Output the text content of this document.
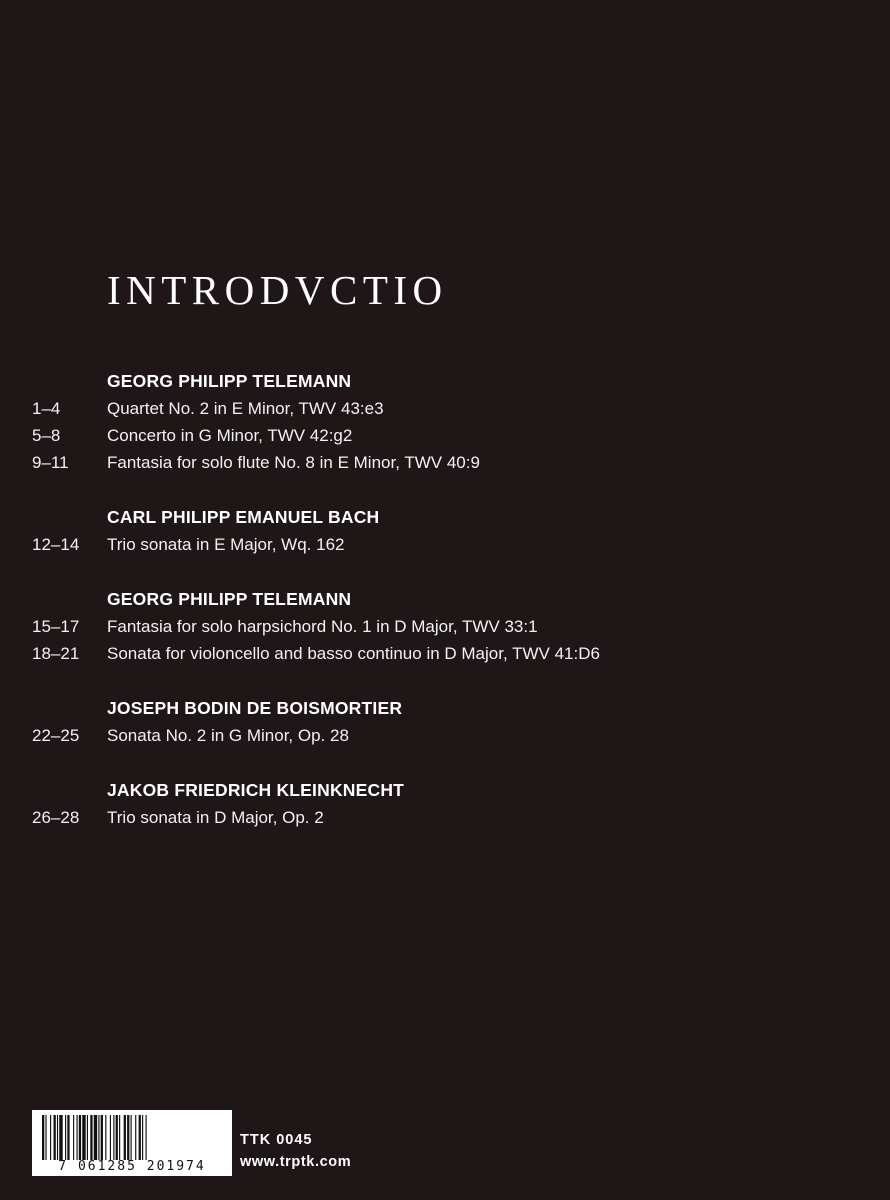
INTRODVCTIO
GEORG PHILIPP TELEMANN
1–4	Quartet No. 2 in E Minor, TWV 43:e3
5–8	Concerto in G Minor, TWV 42:g2
9–11	Fantasia for solo flute No. 8 in E Minor, TWV 40:9
CARL PHILIPP EMANUEL BACH
12–14	Trio sonata in E Major, Wq. 162
GEORG PHILIPP TELEMANN
15–17	Fantasia for solo harpsichord No. 1 in D Major, TWV 33:1
18–21	Sonata for violoncello and basso continuo in D Major, TWV 41:D6
JOSEPH BODIN DE BOISMORTIER
22–25	Sonata No. 2 in G Minor, Op. 28
JAKOB FRIEDRICH KLEINKNECHT
26–28	Trio sonata in D Major, Op. 2
7 061285 201974
TTK 0045
www.trptk.com
